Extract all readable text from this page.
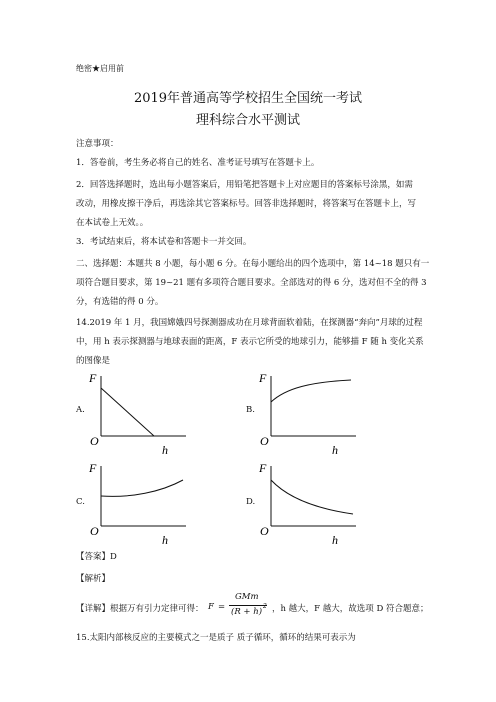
绝密★启用前
2019年普通高等学校招生全国统一考试
理科综合水平测试
注意事项：
1．答卷前，考生务必将自己的姓名、准考证号填写在答题卡上。
2．回答选择题时，选出每小题答案后，用铅笔把答题卡上对应题目的答案标号涂黑，如需
改动，用橡皮擦干净后，再选涂其它答案标号。回答非选择题时，将答案写在答题卡上，写
在本试卷上无效。。
3．考试结束后，将本试卷和答题卡一并交回。
二、选择题：本题共 8 小题，每小题 6 分。在每小题给出的四个选项中，第 14~18 题只有一
项符合题目要求，第 19~21 题有多项符合题目要求。全部选对的得 6 分，选对但不全的得 3
分，有选错的得 0 分。
14.2019 年 1 月，我国嫦娥四号探测器成功在月球背面软着陆，在探测器“奔向”月球的过程
中，用 h 表示探测器与地球表面的距离，F 表示它所受的地球引力，能够描 F 随 h 变化关系
的图像是
A.
F
O
h
B.
F
O
h
C.
F
O
h
D.
F
O
h
【答案】D
【解析】
【详解】根据万有引力定律可得： F =
GMm
(R + h)
2 ，h 越大，F 越大，故选项 D 符合题意；
15.太阳内部核反应的主要模式之一是质子 质子循环，循环的结果可表示为
